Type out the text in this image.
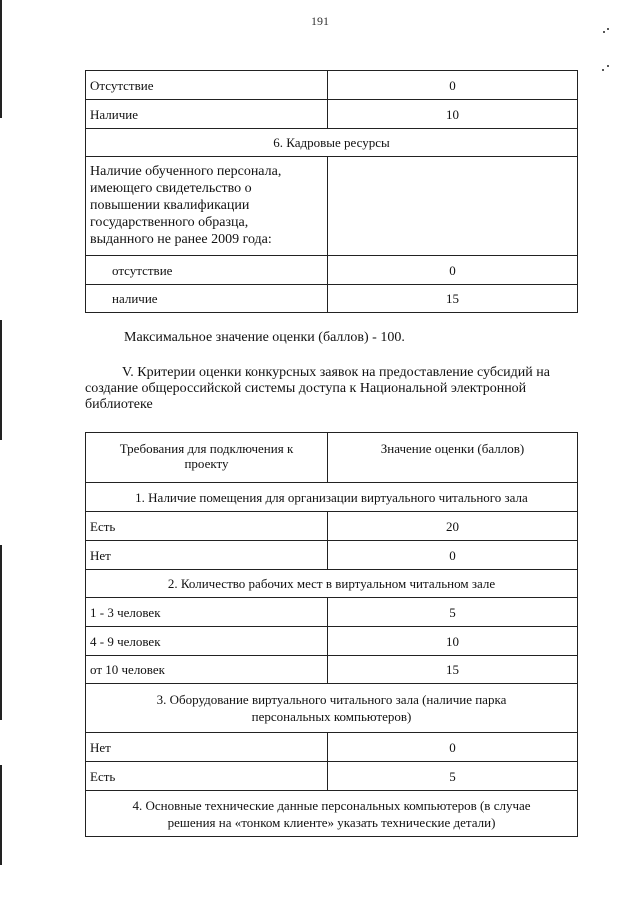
191
Отсутствие	0
Наличие	10
6. Кадровые ресурсы	

Наличие обученного персонала,
имеющего свидетельство о
повышении квалификации
государственного образца,
выданного не ранее 2009 года:	

отсутствие	0
наличие	15
Максимальное значение оценки (баллов) - 100.
V. Критерии оценки конкурсных заявок на предоставление субсидий на
создание общероссийской системы доступа к Национальной электронной
библиотеке
Требования для подключения к
проекту	Значение оценки (баллов)
1. Наличие помещения для организации виртуального читального зала	
Есть	20
Нет	0
2. Количество рабочих мест в виртуальном читальном зале	
1 - 3 человек	5
4 - 9 человек	10
от 10 человек	15

3. Оборудование виртуального читального зала (наличие парка
персональных компьютеров)	

Нет	0
Есть	5

4. Основные технические данные персональных компьютеров (в случае
решения на «тонком клиенте» указать технические детали)	
